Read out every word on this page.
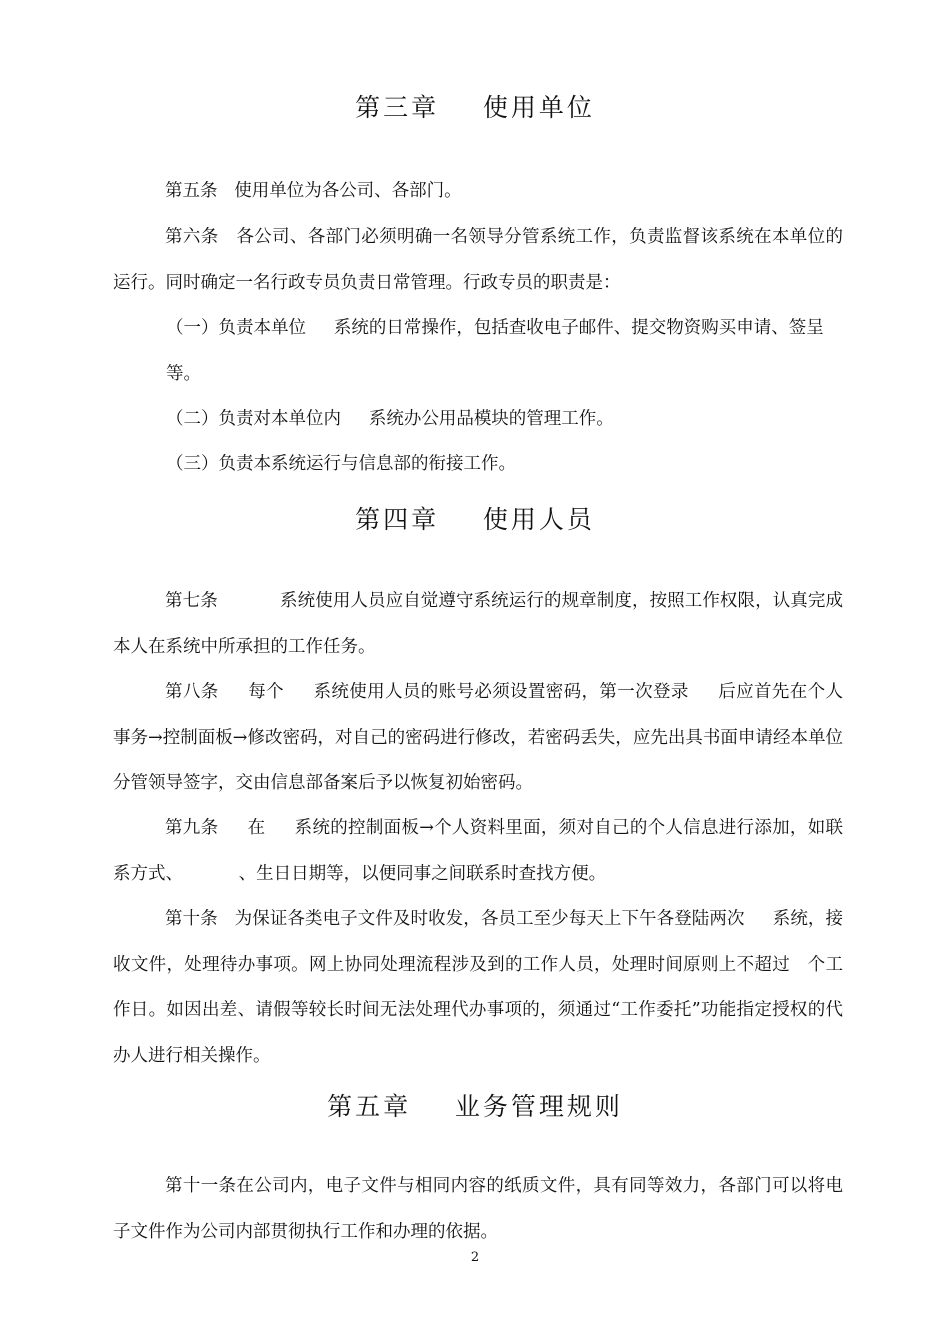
第三章    使用单位

第五条   使用单位为各公司、各部门。

第六条   各公司、各部门必须明确一名领导分管系统工作，负责监督该系统在本单位的运行。同时确定一名行政专员负责日常管理。行政专员的职责是：

（一）负责本单位     系统的日常操作，包括查收电子邮件、提交物资购买申请、签呈等。

（二）负责对本单位内     系统办公用品模块的管理工作。

（三）负责本系统运行与信息部的衔接工作。

第四章    使用人员

第七条           系统使用人员应自觉遵守系统运行的规章制度，按照工作权限，认真完成本人在系统中所承担的工作任务。

第八条     每个     系统使用人员的账号必须设置密码，第一次登录     后应首先在个人事务→控制面板→修改密码，对自己的密码进行修改，若密码丢失，应先出具书面申请经本单位分管领导签字，交由信息部备案后予以恢复初始密码。

第九条     在     系统的控制面板→个人资料里面，须对自己的个人信息进行添加，如联系方式、          、生日日期等，以便同事之间联系时查找方便。

第十条   为保证各类电子文件及时收发，各员工至少每天上下午各登陆两次     系统，接收文件，处理待办事项。网上协同处理流程涉及到的工作人员，处理时间原则上不超过   个工作日。如因出差、请假等较长时间无法处理代办事项的，须通过“工作委托”功能指定授权的代办人进行相关操作。

第五章    业务管理规则

第十一条在公司内，电子文件与相同内容的纸质文件，具有同等效力，各部门可以将电子文件作为公司内部贯彻执行工作和办理的依据。

2
